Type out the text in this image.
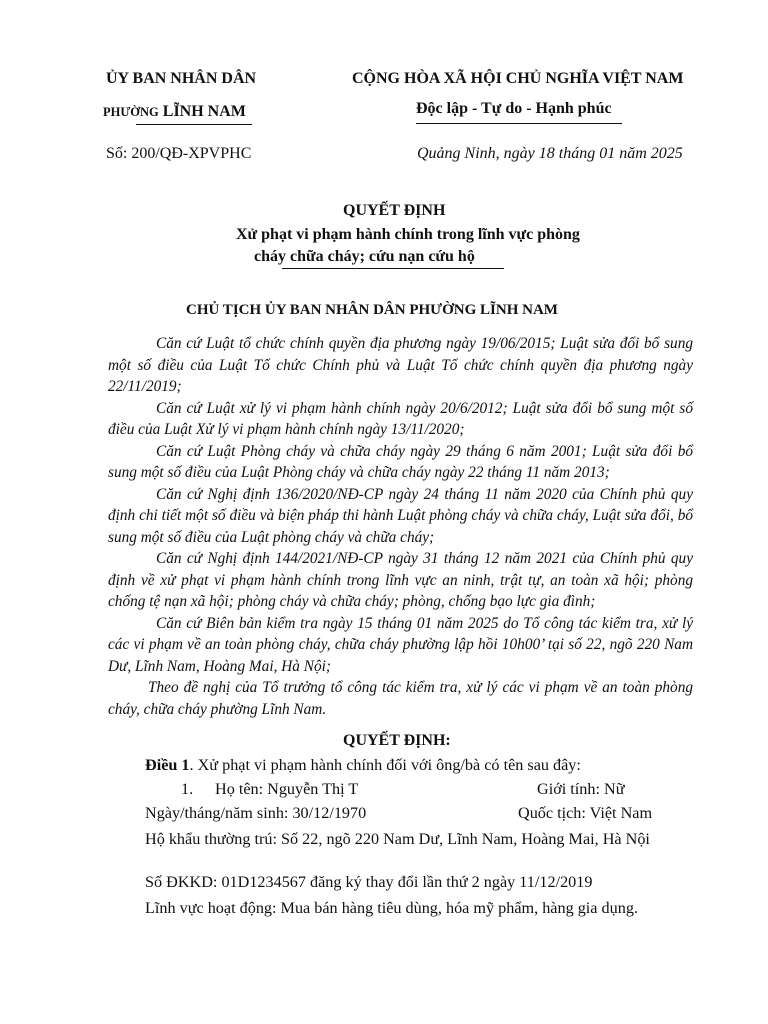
ỦY BAN NHÂN DÂN
PHƯỜNG LĨNH NAM
CỘNG HÒA XÃ HỘI CHỦ NGHĨA VIỆT NAM
Độc lập - Tự do - Hạnh phúc
Số: 200/QĐ-XPVPHC	Quảng Ninh, ngày 18 tháng 01 năm 2025
QUYẾT ĐỊNH
Xử phạt vi phạm hành chính trong lĩnh vực phòng
cháy chữa cháy; cứu nạn cứu hộ
CHỦ TỊCH ỦY BAN NHÂN DÂN PHƯỜNG LĨNH NAM

Căn cứ Luật tổ chức chính quyền địa phương ngày 19/06/2015; Luật sửa đổi bổ sung một số điều của Luật Tổ chức Chính phủ và Luật Tổ chức chính quyền địa phương ngày 22/11/2019;

Căn cứ Luật xử lý vi phạm hành chính ngày 20/6/2012; Luật sửa đổi bổ sung một số điều của Luật Xử lý vi phạm hành chính ngày 13/11/2020;

Căn cứ Luật Phòng cháy và chữa cháy ngày 29 tháng 6 năm 2001; Luật sửa đổi bổ sung một số điều của Luật Phòng cháy và chữa cháy ngày 22 tháng 11 năm 2013;

Căn cứ Nghị định 136/2020/NĐ-CP ngày 24 tháng 11 năm 2020 của Chính phủ quy định chi tiết một số điều và biện pháp thi hành Luật phòng cháy và chữa cháy, Luật sửa đổi, bổ sung một số điều của Luật phòng cháy và chữa cháy;

Căn cứ Nghị định 144/2021/NĐ-CP ngày 31 tháng 12 năm 2021 của Chính phủ quy định về xử phạt vi phạm hành chính trong lĩnh vực an ninh, trật tự, an toàn xã hội; phòng chống tệ nạn xã hội; phòng cháy và chữa cháy; phòng, chống bạo lực gia đình;

Căn cứ Biên bản kiểm tra ngày 15 tháng 01 năm 2025 do Tổ công tác kiểm tra, xử lý các vi phạm về an toàn phòng cháy, chữa cháy phường lập hồi 10h00’ tại số 22, ngõ 220 Nam Dư, Lĩnh Nam, Hoàng Mai, Hà Nội;

Theo đề nghị của Tổ trưởng tổ công tác kiểm tra, xử lý các vi phạm về an toàn phòng cháy, chữa cháy phường Lĩnh Nam.

QUYẾT ĐỊNH:
Điều 1. Xử phạt vi phạm hành chính đối với ông/bà có tên sau đây:
1. Họ tên: Nguyễn Thị T	Giới tính: Nữ
Ngày/tháng/năm sinh: 30/12/1970	Quốc tịch: Việt Nam
Hộ khẩu thường trú: Số 22, ngõ 220 Nam Dư, Lĩnh Nam, Hoàng Mai, Hà Nội
Số ĐKKD: 01D1234567 đăng ký thay đổi lần thứ 2 ngày 11/12/2019
Lĩnh vực hoạt động: Mua bán hàng tiêu dùng, hóa mỹ phẩm, hàng gia dụng.
